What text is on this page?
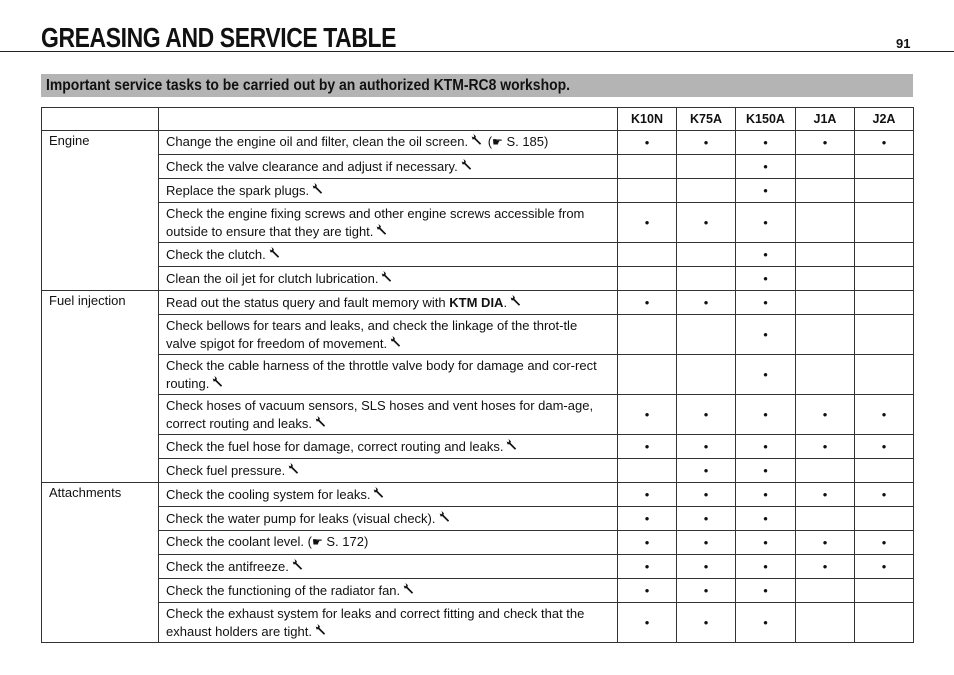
GREASING AND SERVICE TABLE	91
Important service tasks to be carried out by an authorized KTM-RC8 workshop.
		K10N	K75A	K150A	J1A	J2A
Engine	Change the engine oil and filter, clean the oil screen. (☛ S. 185)	•	•	•	•	•
	Check the valve clearance and adjust if necessary.			•		
	Replace the spark plugs.			•		
	Check the engine fixing screws and other engine screws accessible from outside to ensure that they are tight.	•	•	•		
	Check the clutch.			•		
	Clean the oil jet for clutch lubrication.			•		
Fuel injection	Read out the status query and fault memory with KTM DIA.	•	•	•		
	Check bellows for tears and leaks, and check the linkage of the throt-tle valve spigot for freedom of movement.			•		
	Check the cable harness of the throttle valve body for damage and cor-rect routing.			•		
	Check hoses of vacuum sensors, SLS hoses and vent hoses for dam-age, correct routing and leaks.	•	•	•	•	•
	Check the fuel hose for damage, correct routing and leaks.	•	•	•	•	•
	Check fuel pressure.		•	•		
Attachments	Check the cooling system for leaks.	•	•	•	•	•
	Check the water pump for leaks (visual check).	•	•	•		
	Check the coolant level. (☛ S. 172)	•	•	•	•	•
	Check the antifreeze.	•	•	•	•	•
	Check the functioning of the radiator fan.	•	•	•		
	Check the exhaust system for leaks and correct fitting and check that the exhaust holders are tight.	•	•	•		
